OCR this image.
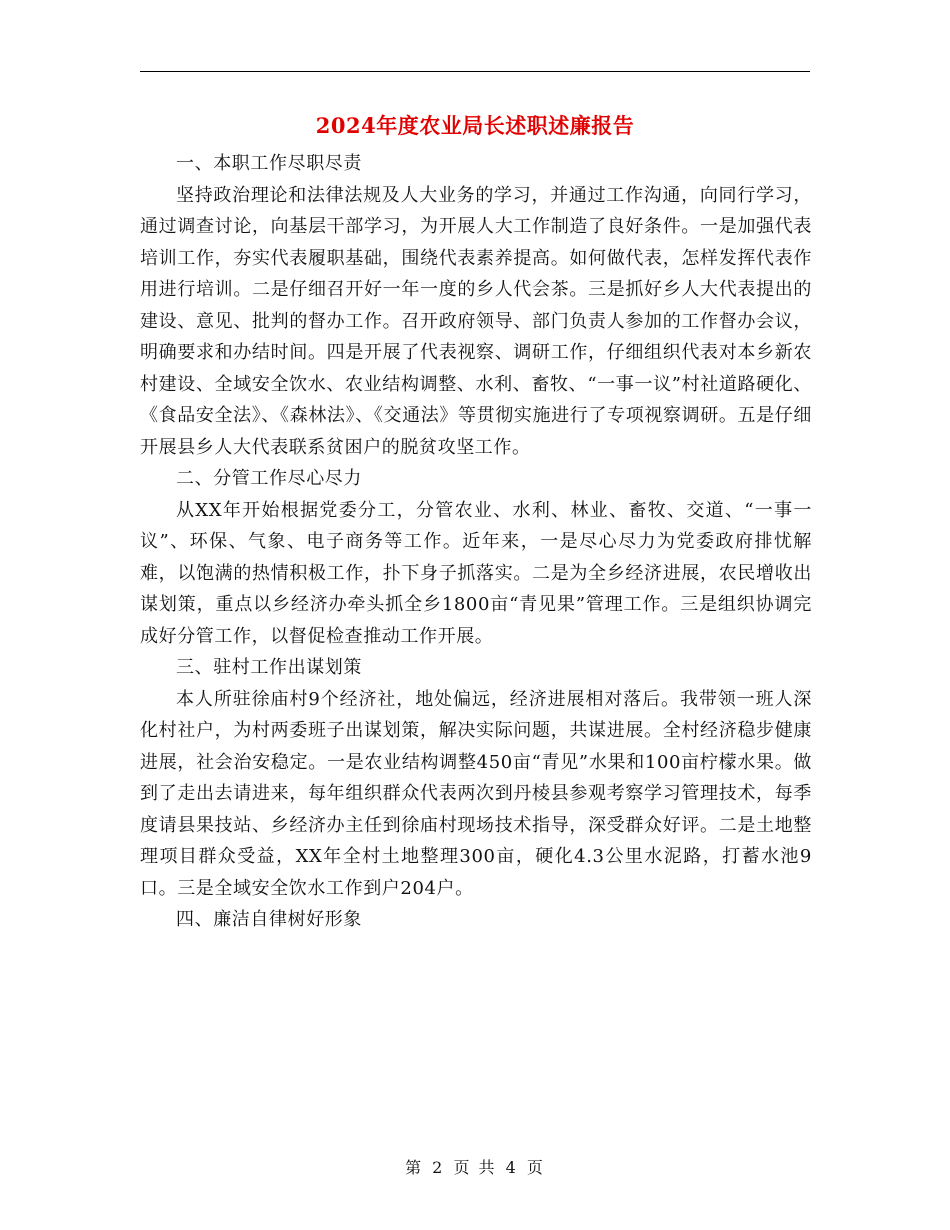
2024年度农业局长述职述廉报告

一、本职工作尽职尽责

坚持政治理论和法律法规及人大业务的学习，并通过工作沟通，向同行学习，通过调查讨论，向基层干部学习，为开展人大工作制造了良好条件。一是加强代表培训工作，夯实代表履职基础，围绕代表素养提高。如何做代表，怎样发挥代表作用进行培训。二是仔细召开好一年一度的乡人代会茶。三是抓好乡人大代表提出的建设、意见、批判的督办工作。召开政府领导、部门负责人参加的工作督办会议，明确要求和办结时间。四是开展了代表视察、调研工作，仔细组织代表对本乡新农村建设、全域安全饮水、农业结构调整、水利、畜牧、“一事一议”村社道路硬化、《食品安全法》、《森林法》、《交通法》等贯彻实施进行了专项视察调研。五是仔细开展县乡人大代表联系贫困户的脱贫攻坚工作。

二、分管工作尽心尽力

从XX年开始根据党委分工，分管农业、水利、林业、畜牧、交道、“一事一议”、环保、气象、电子商务等工作。近年来，一是尽心尽力为党委政府排忧解难，以饱满的热情积极工作，扑下身子抓落实。二是为全乡经济进展，农民增收出谋划策，重点以乡经济办牵头抓全乡1800亩“青见果”管理工作。三是组织协调完成好分管工作，以督促检查推动工作开展。

三、驻村工作出谋划策

本人所驻徐庙村9个经济社，地处偏远，经济进展相对落后。我带领一班人深化村社户，为村两委班子出谋划策，解决实际问题，共谋进展。全村经济稳步健康进展，社会治安稳定。一是农业结构调整450亩“青见”水果和100亩柠檬水果。做到了走出去请进来，每年组织群众代表两次到丹棱县参观考察学习管理技术，每季度请县果技站、乡经济办主任到徐庙村现场技术指导，深受群众好评。二是土地整理项目群众受益，XX年全村土地整理300亩，硬化4.3公里水泥路，打蓄水池9口。三是全域安全饮水工作到户204户。

四、廉洁自律树好形象

第 2 页 共 4 页
